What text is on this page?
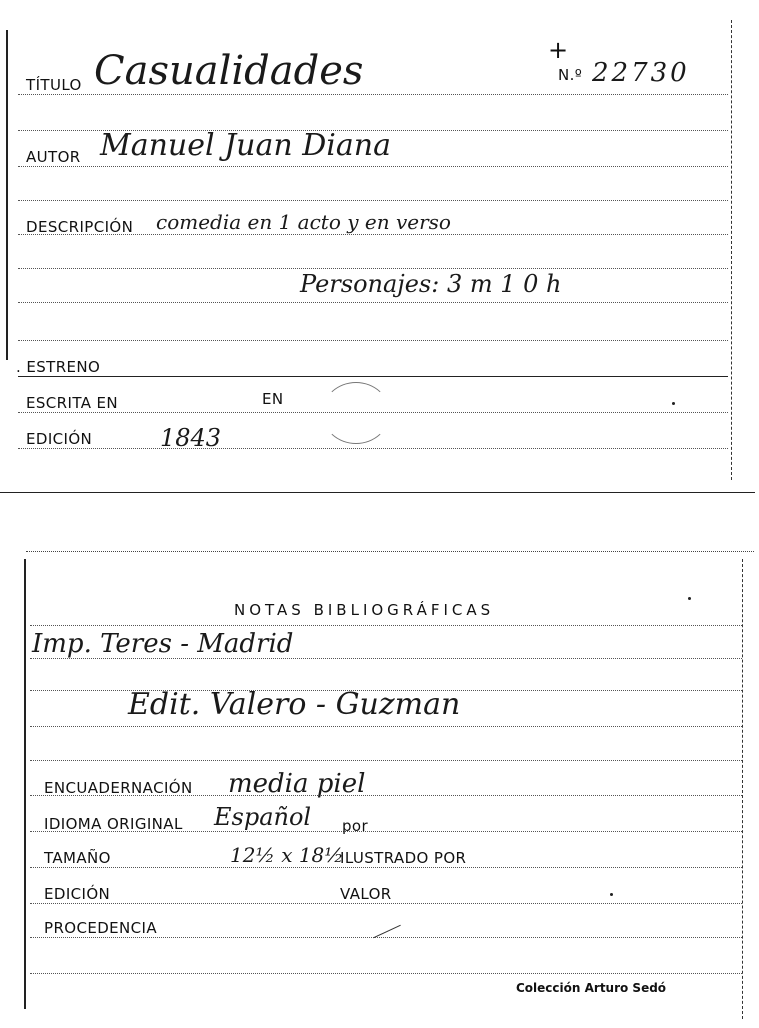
TÍTULO Casualidades	+
N.º 22730
AUTOR Manuel Juan Diana
DESCRIPCIÓN comedia en 1 acto y en verso
Personajes: 3 m 1 0 h
. ESTRENO
ESCRITA EN	EN
EDICIÓN	1843
NOTAS BIBLIOGRÁFICAS
Imp. Teres - Madrid
Edit. Valero - Guzman
ENCUADERNACIÓN media piel
IDIOMA ORIGINAL Español por
TAMAÑO	12½ x 18½
ILUSTRADO POR
EDICIÓN	VALOR
PROCEDENCIA
Colección Arturo Sedó
